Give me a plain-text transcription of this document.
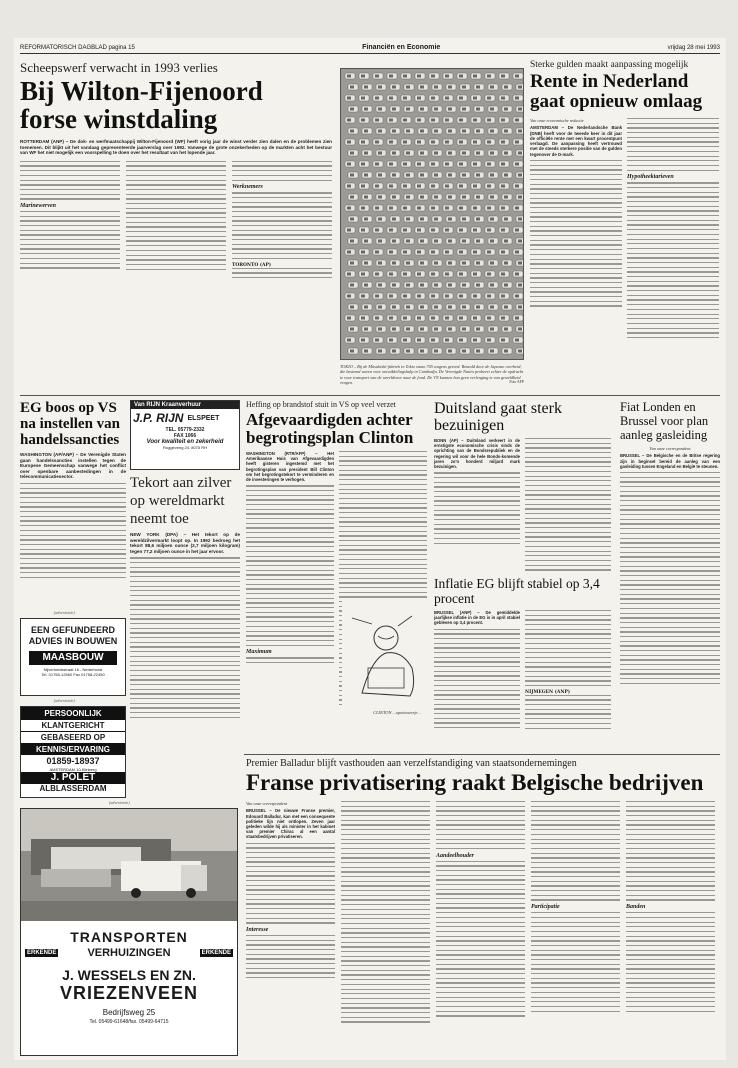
REFORMATORISCH DAGBLAD pagina 15	Financiën en Economie	vrijdag 28 mei 1993
Scheepswerf verwacht in 1993 verlies
Bij Wilton-Fijenoord forse winstdaling
ROTTERDAM (ANP) – De dok- en werfmaatschappij Wilton-Fijenoord (WF) heeft vorig jaar de winst verder zien dalen en de problemen zien toenemen. Dit blijkt uit het vandaag gepresenteerde jaarverslag over 1992. Vanwege de grote onzekerheden op de markten acht het bestuur van WF het niet mogelijk een voorspelling te doen over het resultaat van het lopende jaar.
Marinewerven
Werknemers
TORONTO (AP)
TOKIO – Bij de Mitsubishi-fabriek in Tokio staan 705 wagens gereed. Betaald door de Japanse overheid, die bestemd waren voor ontwikkelingshulp in Cambodja. De Verenigde Naties probeert echter de opdracht te voor transport van de wereldvoor naar de fond. De VN kunnen hun geen verlenging te van gesteldheid vragen.	Foto AFP
Sterke gulden maakt aanpassing mogelijk
Rente in Nederland gaat opnieuw omlaag
Van onze economische redactie
AMSTERDAM – De Nederlandsche Bank (DNB) heeft voor de tweede keer in dit jaar de officiële rente met een kwart procentpunt verlaagd. De aanpassing heeft vertrouwd met de steeds sterkere positie van de gulden tegenover de D-mark.
Hypotheektarieven
EG boos op VS na instellen van handelssancties
WASHINGTON (AP/ANP) – De Verenigde Staten gaan handelssancties instellen tegen de Europese Gemeenschap vanwege het conflict over openbare aanbestedingen in de telecommunicatiesector.
Van RIJN Kraanverhuur
J.P. RIJN ELSPEET
TEL. 05779-2332
FAX 1066
Voor kwaliteit en zekerheid
Roggeveng 24, 8075 RH
Tekort aan zilver op wereldmarkt neemt toe
NEW YORK (DPA) – Het tekort op de wereldzilvermarkt loopt op. In 1992 bedroeg het tekort 88,6 miljoen ounce (2,7 miljoen kilogram) tegen 77,2 miljoen ounce in het jaar ervoor.
(advertentie)
EEN GEFUNDEERD ADVIES IN BOUWEN
MAASBOUW
Nijverheidsstraat 16 - Nederhorst
Tel. 01758-12560 Fax 01758-22450
(advertentie)
PERSOONLIJK
KLANTGERICHT
GEBASEERD OP
KENNIS/ERVARING
01859-18937
AMSTERDAM 10-Kilnberg
J. POLET
ALBLASSERDAM
(advertentie)
TRANSPORTEN
ERKENDE	VERHUIZINGEN	ERKENDE
J. WESSELS EN ZN.
VRIEZENVEEN
Bedrijfsweg 25
Tel. 05499-61648/fax. 05499-64715
Heffing op brandstof stuit in VS op veel verzet
Afgevaardigden achter begrotingsplan Clinton
WASHINGTON (RTR/AFP) – Het Amerikaanse Huis van Afgevaardigden heeft gisteren ingestemd met het begrotingsplan van president Bill Clinton om het begrotingstekort te verminderen en de investeringen te verhogen.
Maximum
Duitsland gaat sterk bezuinigen
BONN (AP) – Duitsland verkeert in de ernstigste economische crisis sinds de oprichting van de Bondsrepubliek en de regering wil voor de hele Bonds-komende jaren zo'n honderd miljard mark bezuinigen.
Inflatie EG blijft stabiel op 3,4 procent
BRUSSEL (ANP) – De gemiddelde jaarlijkse inflatie in de EG is in april stabiel gebleven op 3,4 procent.
NIJMEGEN (ANP)
CLINTON ...opnieuwerje...
Fiat Londen en Brussel voor plan aanleg gasleiding
Van onze correspondent
BRUSSEL – De Belgische en de Britse regering zijn in beginsel bereid de aanleg van een gasleiding tussen Engeland en België te steunen.
Premier Balladur blijft vasthouden aan verzelfstandiging van staatsondernemingen
Franse privatisering raakt Belgische bedrijven
Van onze correspondent
BRUSSEL – De nieuwe Franse premier, Edouard Balladur, kan met een consequente politieke lijn niet ontlopen. Zeven jaar geleden wilde hij als minister in het kabinet van premier Chirac al een aantal staatsbedrijven privatiseren.
Interesse
Aandeelhouder
Participatie	Banden
